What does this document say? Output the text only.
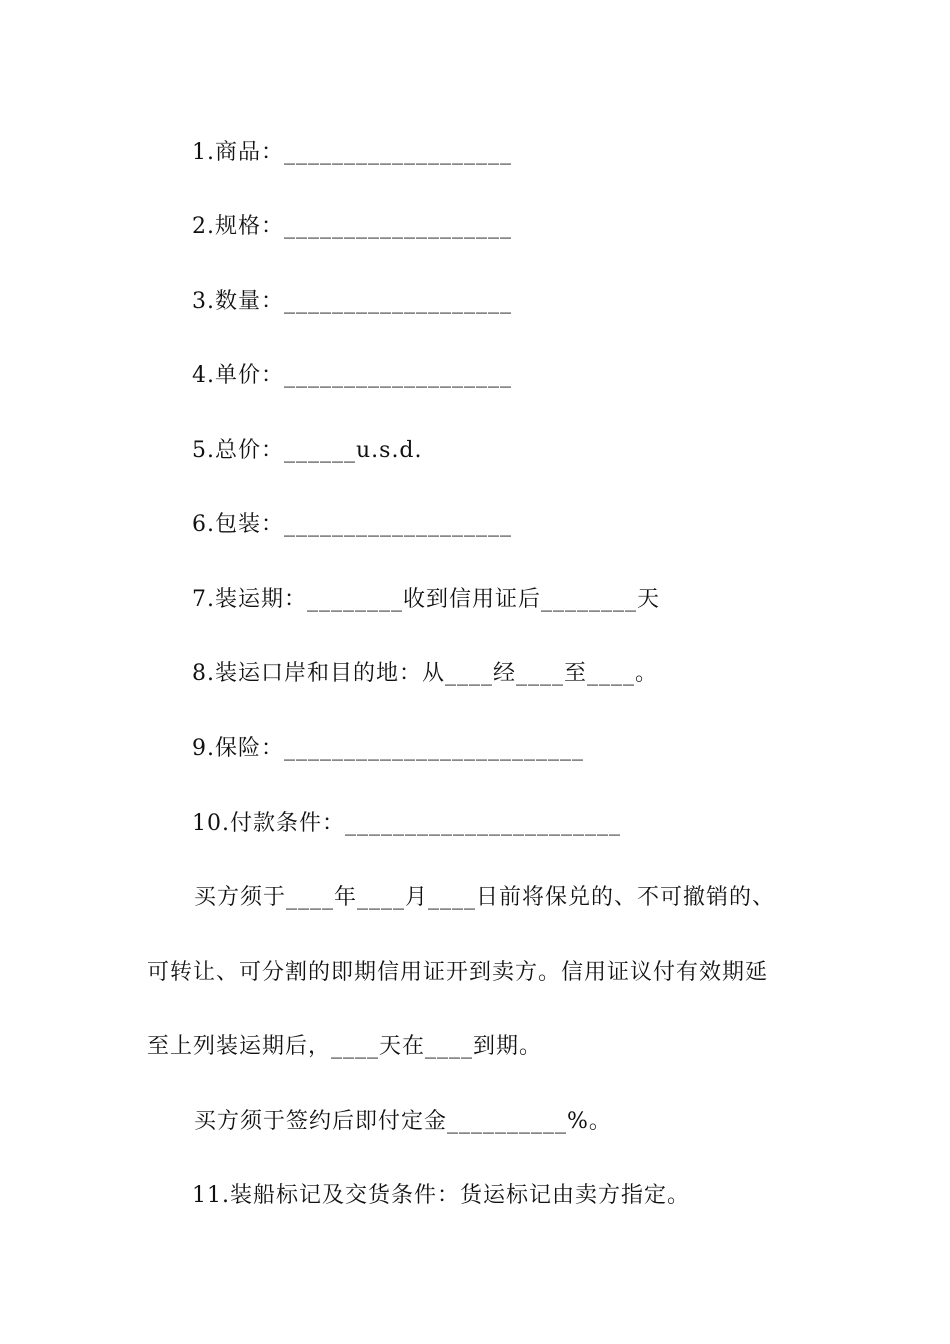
1.商品：___________________
2.规格：___________________
3.数量：___________________
4.单价：___________________
5.总价：______u.s.d.
6.包装：___________________
7.装运期：________收到信用证后________天
8.装运口岸和目的地：从____经____至____。
9.保险：_________________________
10.付款条件：_______________________
买方须于____年____月____日前将保兑的、不可撤销的、
可转让、可分割的即期信用证开到卖方。信用证议付有效期延
至上列装运期后，____天在____到期。
买方须于签约后即付定金__________%。
11.装船标记及交货条件：货运标记由卖方指定。
